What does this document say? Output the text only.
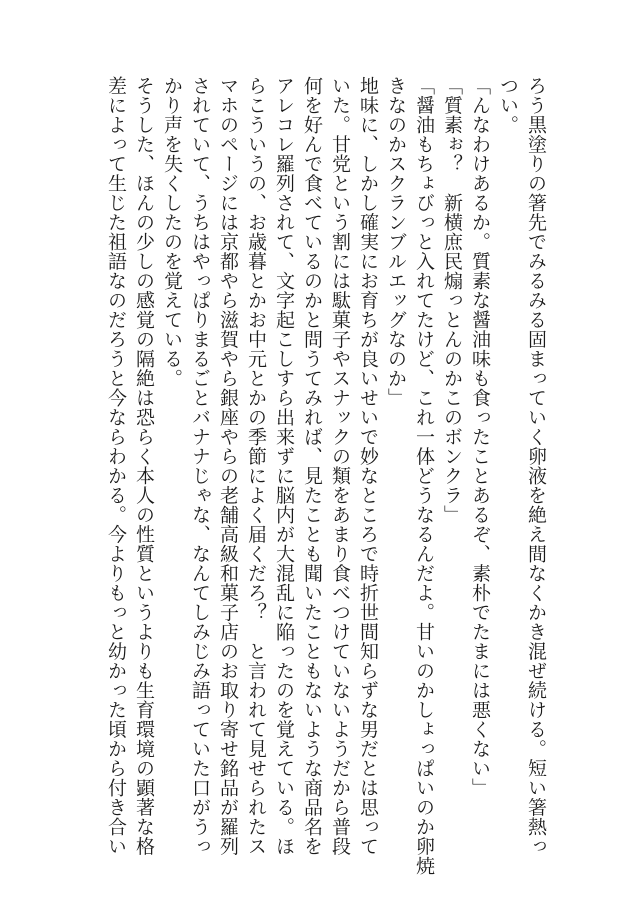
ろう黒塗りの箸先でみるみる固まっていく卵液を絶え間なくかき混ぜ続ける。短い箸熱っ

つい。

「んなわけあるか。質素な醤油味も食ったことあるぞ、素朴でたまには悪くない」

「質素ぉ？　新横庶民煽っとんのかこのボンクラ」

「醤油もちょびっと入れてたけど、これ一体どうなるんだよ。甘いのかしょっぱいのか卵焼

きなのかスクランブルエッグなのか」

地味に、しかし確実にお育ちが良いせいで妙なところで時折世間知らずな男だとは思って

いた。甘党という割には駄菓子やスナックの類をあまり食べつけていないようだから普段

何を好んで食べているのかと問うてみれば、見たことも聞いたこともないような商品名を

アレコレ羅列されて、文字起こしすら出来ずに脳内が大混乱に陥ったのを覚えている。ほ

らこういうの、お歳暮とかお中元とかの季節によく届くだろ？　と言われて見せられたス

マホのページには京都やら滋賀やら銀座やらの老舗高級和菓子店のお取り寄せ銘品が羅列

されていて、うちはやっぱりまるごとバナナじゃな、なんてしみじみ語っていた口がうっ

かり声を失くしたのを覚えている。

そうした、ほんの少しの感覚の隔絶は恐らく本人の性質というよりも生育環境の顕著な格

差によって生じた祖語なのだろうと今ならわかる。今よりもっと幼かった頃から付き合い
